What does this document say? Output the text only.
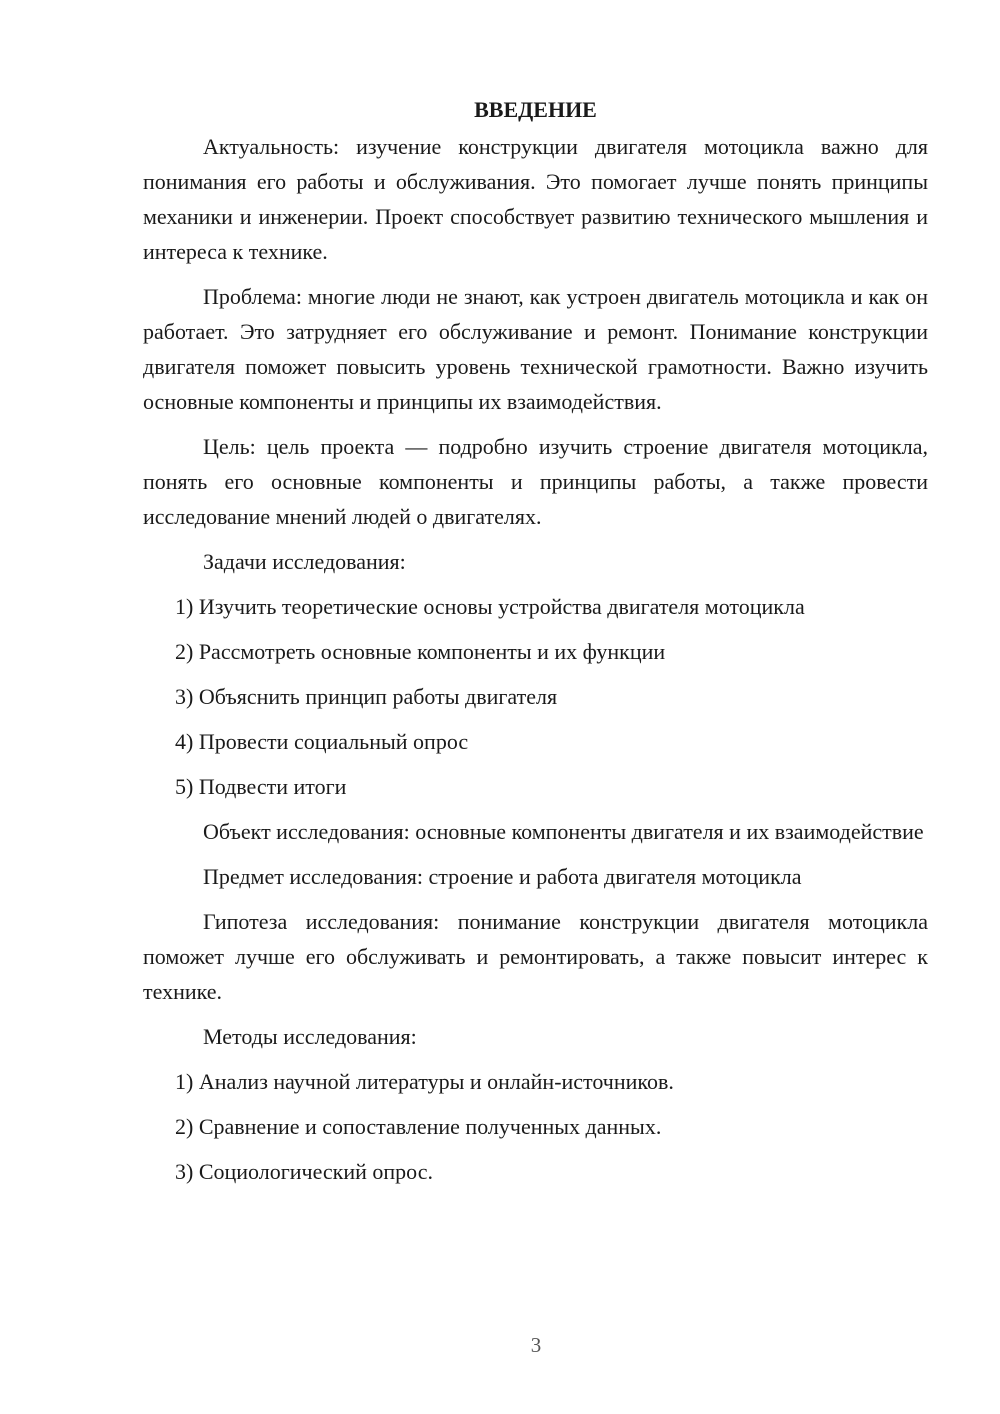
ВВЕДЕНИЕ

Актуальность: изучение конструкции двигателя мотоцикла важно для понимания его работы и обслуживания. Это помогает лучше понять принципы механики и инженерии. Проект способствует развитию технического мышления и интереса к технике.

Проблема: многие люди не знают, как устроен двигатель мотоцикла и как он работает. Это затрудняет его обслуживание и ремонт. Понимание конструкции двигателя поможет повысить уровень технической грамотности. Важно изучить основные компоненты и принципы их взаимодействия.

Цель: цель проекта — подробно изучить строение двигателя мотоцикла, понять его основные компоненты и принципы работы, а также провести исследование мнений людей о двигателях.

Задачи исследования:

1) Изучить теоретические основы устройства двигателя мотоцикла
2) Рассмотреть основные компоненты и их функции
3) Объяснить принцип работы двигателя
4) Провести социальный опрос
5) Подвести итоги

Объект исследования: основные компоненты двигателя и их взаимодействие

Предмет исследования: строение и работа двигателя мотоцикла

Гипотеза исследования: понимание конструкции двигателя мотоцикла поможет лучше его обслуживать и ремонтировать, а также повысит интерес к технике.

Методы исследования:

1) Анализ научной литературы и онлайн-источников.
2) Сравнение и сопоставление полученных данных.
3) Социологический опрос.
3
